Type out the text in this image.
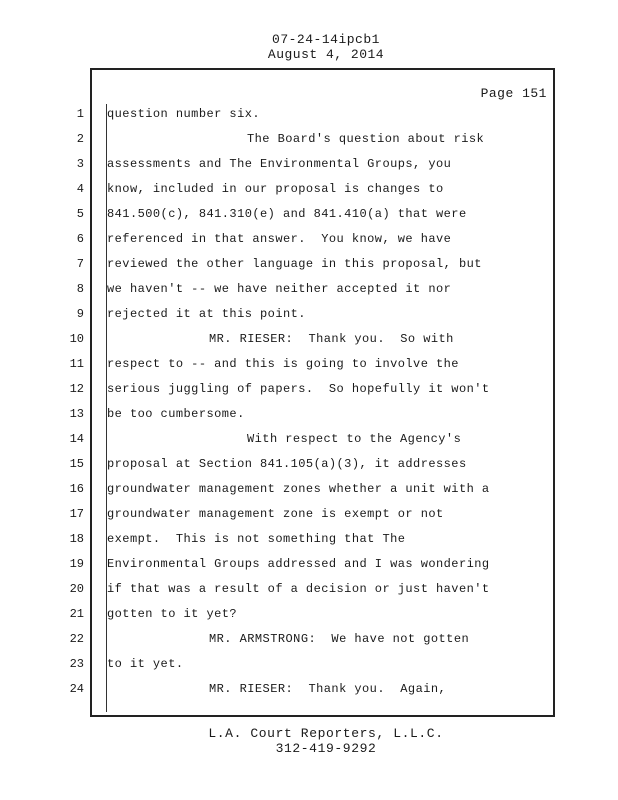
07-24-14ipcb1
August 4, 2014
Page 151
1
2
3
4
5
6
7
8
9
10
11
12
13
14
15
16
17
18
19
20
21
22
23
24
question number six.
The Board's question about risk
assessments and The Environmental Groups, you
know, included in our proposal is changes to
841.500(c), 841.310(e) and 841.410(a) that were
referenced in that answer.  You know, we have
reviewed the other language in this proposal, but
we haven't -- we have neither accepted it nor
rejected it at this point.
MR. RIESER:  Thank you.  So with
respect to -- and this is going to involve the
serious juggling of papers.  So hopefully it won't
be too cumbersome.
With respect to the Agency's
proposal at Section 841.105(a)(3), it addresses
groundwater management zones whether a unit with a
groundwater management zone is exempt or not
exempt.  This is not something that The
Environmental Groups addressed and I was wondering
if that was a result of a decision or just haven't
gotten to it yet?
MR. ARMSTRONG:  We have not gotten
to it yet.
MR. RIESER:  Thank you.  Again,
L.A. Court Reporters, L.L.C.
312-419-9292
